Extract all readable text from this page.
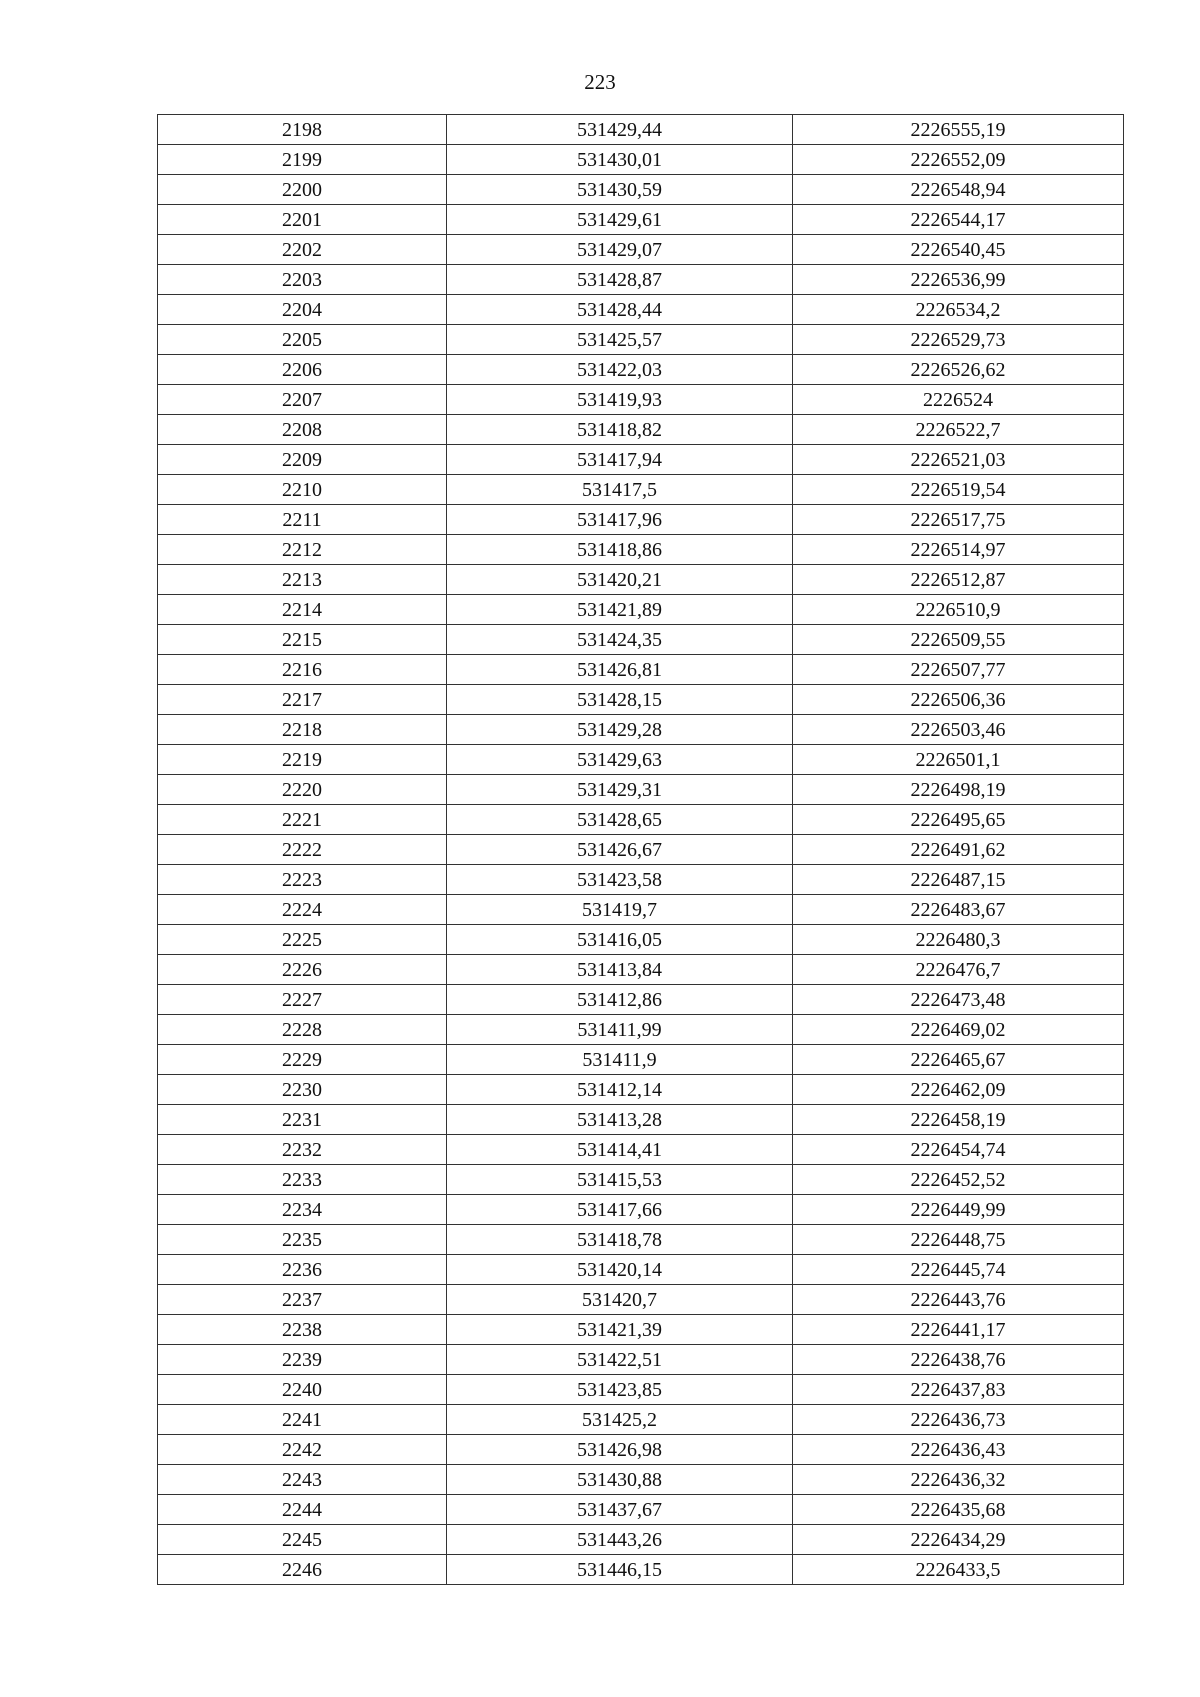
223
2198	531429,44	2226555,19
2199	531430,01	2226552,09
2200	531430,59	2226548,94
2201	531429,61	2226544,17
2202	531429,07	2226540,45
2203	531428,87	2226536,99
2204	531428,44	2226534,2
2205	531425,57	2226529,73
2206	531422,03	2226526,62
2207	531419,93	2226524
2208	531418,82	2226522,7
2209	531417,94	2226521,03
2210	531417,5	2226519,54
2211	531417,96	2226517,75
2212	531418,86	2226514,97
2213	531420,21	2226512,87
2214	531421,89	2226510,9
2215	531424,35	2226509,55
2216	531426,81	2226507,77
2217	531428,15	2226506,36
2218	531429,28	2226503,46
2219	531429,63	2226501,1
2220	531429,31	2226498,19
2221	531428,65	2226495,65
2222	531426,67	2226491,62
2223	531423,58	2226487,15
2224	531419,7	2226483,67
2225	531416,05	2226480,3
2226	531413,84	2226476,7
2227	531412,86	2226473,48
2228	531411,99	2226469,02
2229	531411,9	2226465,67
2230	531412,14	2226462,09
2231	531413,28	2226458,19
2232	531414,41	2226454,74
2233	531415,53	2226452,52
2234	531417,66	2226449,99
2235	531418,78	2226448,75
2236	531420,14	2226445,74
2237	531420,7	2226443,76
2238	531421,39	2226441,17
2239	531422,51	2226438,76
2240	531423,85	2226437,83
2241	531425,2	2226436,73
2242	531426,98	2226436,43
2243	531430,88	2226436,32
2244	531437,67	2226435,68
2245	531443,26	2226434,29
2246	531446,15	2226433,5
